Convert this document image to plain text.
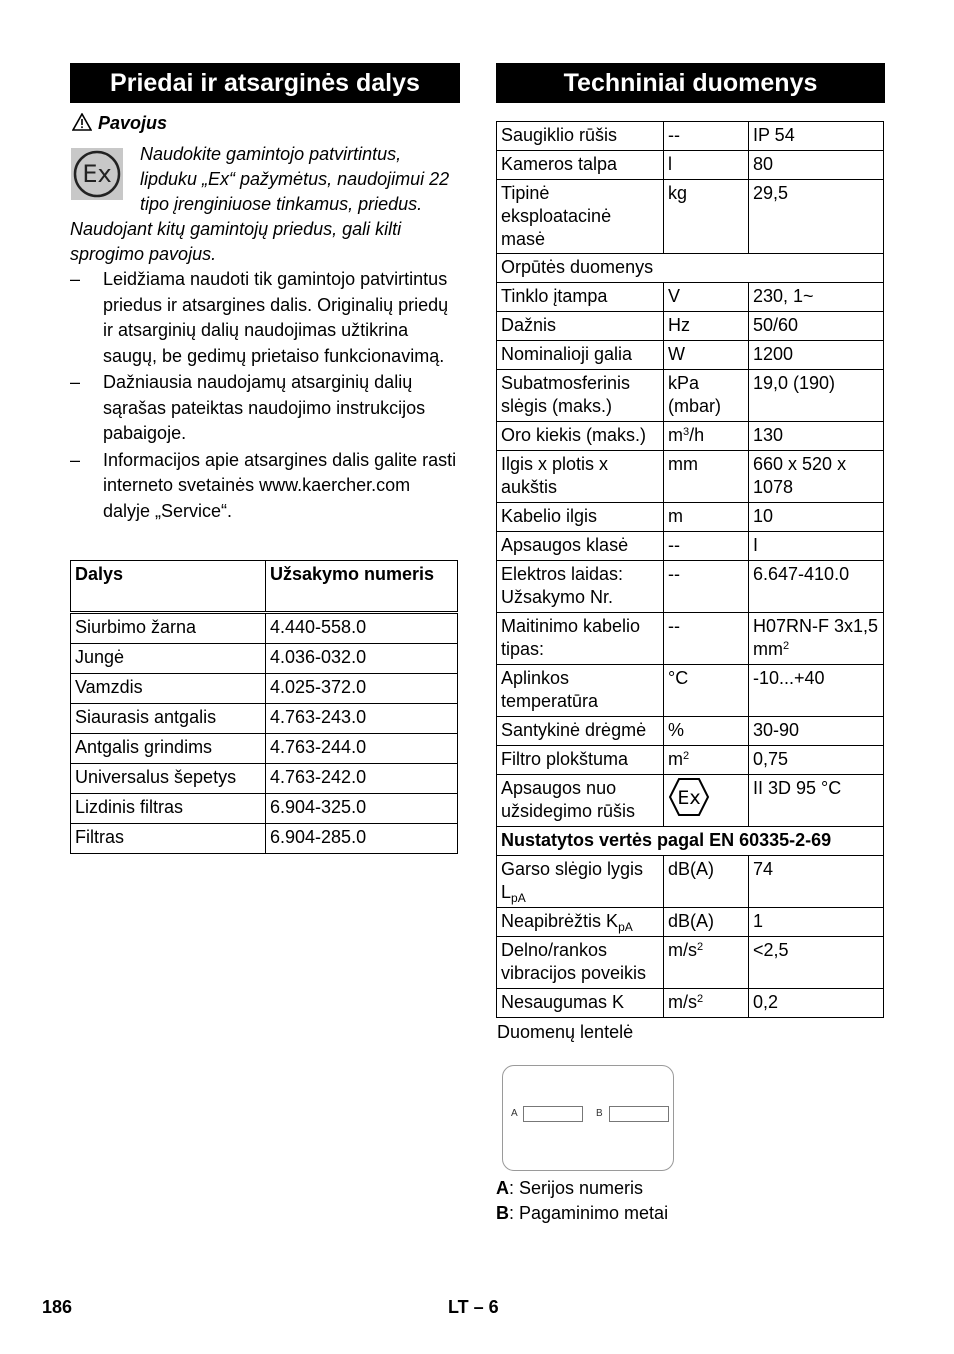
Priedai ir atsarginės dalys	Techniniai duomenys
Pavojus
Ex
Naudokite gamintojo patvirtintus, lipduku „Ex“ pažymėtus, naudojimui 22 tipo įrenginiuose tinkamus, priedus. Naudojant kitų gamintojų priedus, gali kilti sprogimo pavojus.
– Leidžiama naudoti tik gamintojo patvirtintus priedus ir atsargines dalis. Originalių priedų ir atsarginių dalių naudojimas užtikrina saugų, be gedimų prietaiso funkcionavimą.
– Dažniausia naudojamų atsarginių dalių sąrašas pateiktas naudojimo instrukcijos pabaigoje.
– Informacijos apie atsargines dalis galite rasti interneto svetainės www.kaercher.com dalyje „Service“.
Dalys	Užsakymo numeris
Siurbimo žarna	4.440-558.0
Jungė	4.036-032.0
Vamzdis	4.025-372.0
Siaurasis antgalis	4.763-243.0
Antgalis grindims	4.763-244.0
Universalus šepetys	4.763-242.0
Lizdinis filtras	6.904-325.0
Filtras	6.904-285.0
Saugiklio rūšis	--	IP 54
Kameros talpa	l	80
Tipinė eksploatacinė masė	kg	29,5
Orpūtės duomenys		
Tinklo įtampa	V	230, 1~
Dažnis	Hz	50/60
Nominalioji galia	W	1200
Subatmosferinis slėgis (maks.)	kPa (mbar)	19,0 (190)
Oro kiekis (maks.)	$m^3/h$	130
Ilgis x plotis x aukštis	mm	660 x 520 x 1078
Kabelio ilgis	m	10
Apsaugos klasė	--	I
Elektros laidas: Užsakymo Nr.	--	6.647-410.0
Maitinimo kabelio tipas:	--	H07RN-F 3x1,5 $mm^2$
Aplinkos temperatūra	°C	-10...+40
Santykinė drėgmė	%	30-90
Filtro plokštuma	$m^2$	0,75
Apsaugos nuo užsidegimo rūšis	Ex	II 3D 95 °C
Nustatytos vertės pagal EN 60335-2-69		
Garso slėgio lygis $L_{pA}$	dB(A)	74
Neapibrėžtis $K_{pA}$	dB(A)	1
Delno/rankos vibracijos poveikis	$m/s^2$	<2,5
Nesaugumas K	$m/s^2$	0,2
Duomenų lentelė
A	B
A: Serijos numeris
B: Pagaminimo metai
186	LT – 6
